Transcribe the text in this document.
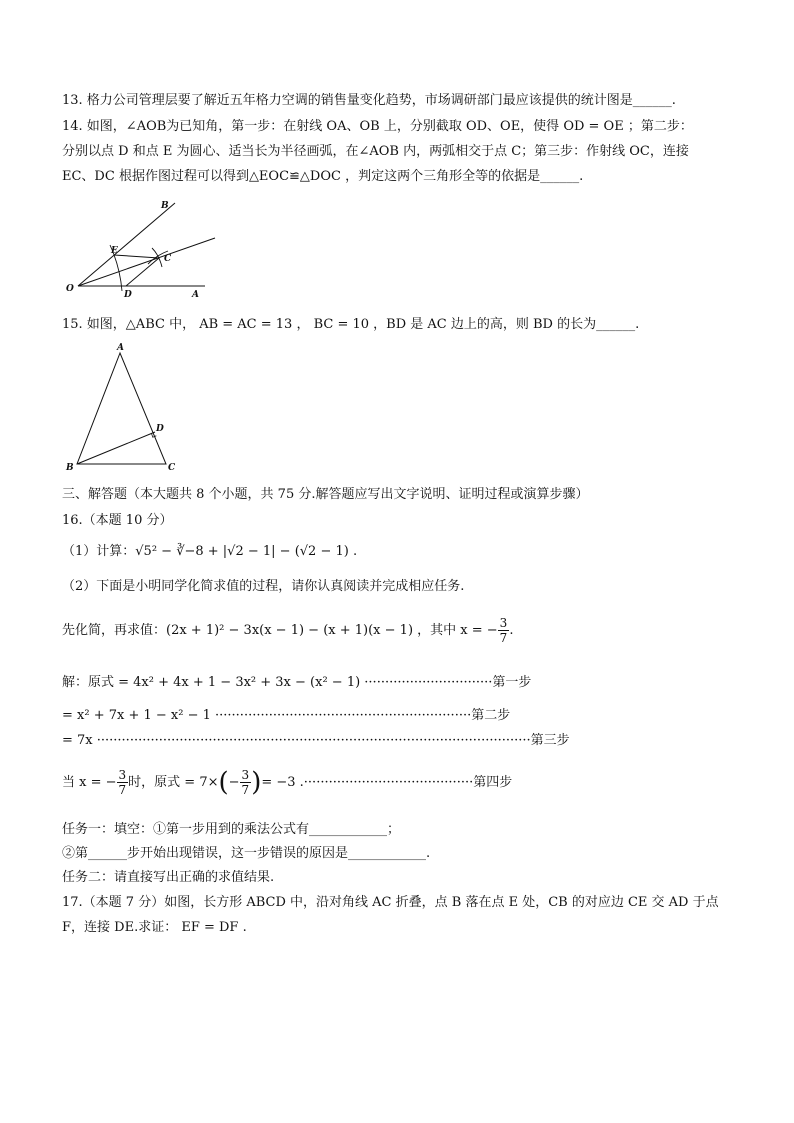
13. 格力公司管理层要了解近五年格力空调的销售量变化趋势，市场调研部门最应该提供的统计图是______.
14. 如图，∠AOB为已知角，第一步：在射线 OA、OB 上，分别截取 OD、OE，使得 OD = OE ；第二步：
分别以点 D 和点 E 为圆心、适当长为半径画弧，在∠AOB 内，两弧相交于点 C；第三步：作射线 OC，连接
EC、DC 根据作图过程可以得到△EOC≌△DOC ，判定这两个三角形全等的依据是______.
B
E
C
O
D	A
15. 如图，△ABC 中， AB = AC = 13 ， BC = 10 ，BD 是 AC 边上的高，则 BD 的长为______.
A
D
B	C
三、解答题（本大题共 8 个小题，共 75 分.解答题应写出文字说明、证明过程或演算步骤）
16.（本题 10 分）
（1）计算：√5² − ∛−8 + |√2 − 1| − (√2 − 1) .
（2）下面是小明同学化简求值的过程，请你认真阅读并完成相应任务.
先化简，再求值：(2x + 1)² − 3x(x − 1) − (x + 1)(x − 1) ，其中 x = − $\frac{3}{7}$ .
解：原式 = 4x² + 4x + 1 − 3x² + 3x − (x² − 1) ·······························第一步
= x² + 7x + 1 − x² − 1 ······························································第二步
= 7x ·········································································································第三步
当 x = − $\frac{3}{7}$ 时，原式 = $7\times(- \frac{3}{7}$ )= −3 .·········································第四步
任务一：填空：①第一步用到的乘法公式有____________；
②第______步开始出现错误，这一步错误的原因是____________.
任务二：请直接写出正确的求值结果.
17.（本题 7 分）如图，长方形 ABCD 中，沿对角线 AC 折叠，点 B 落在点 E 处，CB 的对应边 CE 交 AD 于点
F，连接 DE.求证： EF = DF .
